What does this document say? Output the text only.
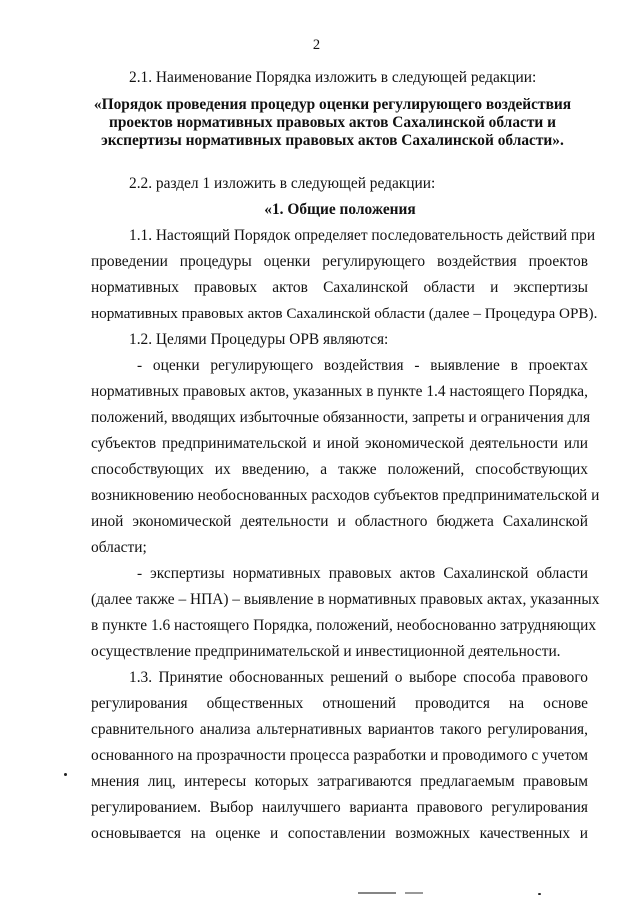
2
2.1. Наименование Порядка изложить в следующей редакции:
«Порядок проведения процедур оценки регулирующего воздействия
проектов нормативных правовых актов Сахалинской области и
экспертизы нормативных правовых актов Сахалинской области».
2.2. раздел 1 изложить в следующей редакции:
«1. Общие положения
1.1. Настоящий Порядок определяет последовательность действий при
проведении процедуры оценки регулирующего воздействия проектов
нормативных правовых актов Сахалинской области и экспертизы
нормативных правовых актов Сахалинской области (далее – Процедура ОРВ).
1.2. Целями Процедуры ОРВ являются:
- оценки регулирующего воздействия - выявление в проектах
нормативных правовых актов, указанных в пункте 1.4 настоящего Порядка,
положений, вводящих избыточные обязанности, запреты и ограничения для
субъектов предпринимательской и иной экономической деятельности или
способствующих их введению, а также положений, способствующих
возникновению необоснованных расходов субъектов предпринимательской и
иной экономической деятельности и областного бюджета Сахалинской
области;
- экспертизы нормативных правовых актов Сахалинской области
(далее также – НПА) – выявление в нормативных правовых актах, указанных
в пункте 1.6 настоящего Порядка, положений, необоснованно затрудняющих
осуществление предпринимательской и инвестиционной деятельности.
1.3. Принятие обоснованных решений о выборе способа правового
регулирования общественных отношений проводится на основе
сравнительного анализа альтернативных вариантов такого регулирования,
основанного на прозрачности процесса разработки и проводимого с учетом
мнения лиц, интересы которых затрагиваются предлагаемым правовым
регулированием. Выбор наилучшего варианта правового регулирования
основывается на оценке и сопоставлении возможных качественных и
